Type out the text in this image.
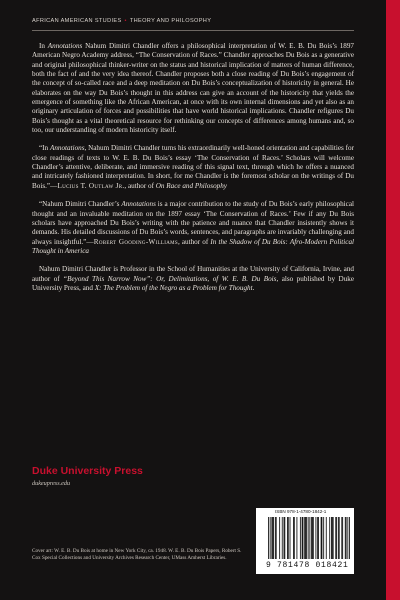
AFRICAN AMERICAN STUDIES • THEORY AND PHILOSOPHY

In Annotations Nahum Dimitri Chandler offers a philosophical interpretation of W. E. B. Du Bois’s 1897 American Negro Academy address, “The Conservation of Races.” Chandler approaches Du Bois as a generative and original philosophical thinker-writer on the status and historical implication of matters of human difference, both the fact of and the very idea thereof. Chandler proposes both a close reading of Du Bois’s engagement of the concept of so-called race and a deep meditation on Du Bois’s conceptualization of historicity in general. He elaborates on the way Du Bois’s thought in this address can give an account of the historicity that yields the emergence of something like the African American, at once with its own internal dimensions and yet also as an originary articulation of forces and possibilities that have world historical implications. Chandler refigures Du Bois’s thought as a vital theoretical resource for rethinking our concepts of differences among humans and, so too, our understanding of modern historicity itself.

“In Annotations, Nahum Dimitri Chandler turns his extraordinarily well-honed orientation and capabilities for close readings of texts to W. E. B. Du Bois’s essay ‘The Conservation of Races.’ Scholars will welcome Chandler’s attentive, deliberate, and immersive reading of this signal text, through which he offers a nuanced and intricately fashioned interpretation. In short, for me Chandler is the foremost scholar on the writings of Du Bois.”—Lucius T. Outlaw Jr., author of On Race and Philosophy

“Nahum Dimitri Chandler’s Annotations is a major contribution to the study of Du Bois’s early philosophical thought and an invaluable meditation on the 1897 essay ‘The Conservation of Races.’ Few if any Du Bois scholars have approached Du Bois’s writing with the patience and nuance that Chandler insistently shows it demands. His detailed discussions of Du Bois’s words, sentences, and paragraphs are invariably challenging and always insightful.”—Robert Gooding-Williams, author of In the Shadow of Du Bois: Afro-Modern Political Thought in America

Nahum Dimitri Chandler is Professor in the School of Humanities at the University of California, Irvine, and author of “Beyond This Narrow Now”: Or, Delimitations, of W. E. B. Du Bois, also published by Duke University Press, and X: The Problem of the Negro as a Problem for Thought.

Duke University Press
dukeupress.edu
Cover art: W. E. B. Du Bois at home in New York City, ca. 1948. W. E. B. Du Bois Papers, Robert S. Cox Special Collections and University Archives Research Center, UMass Amherst Libraries.
ISBN 978-1-4780-1842-1
9 781478 018421
